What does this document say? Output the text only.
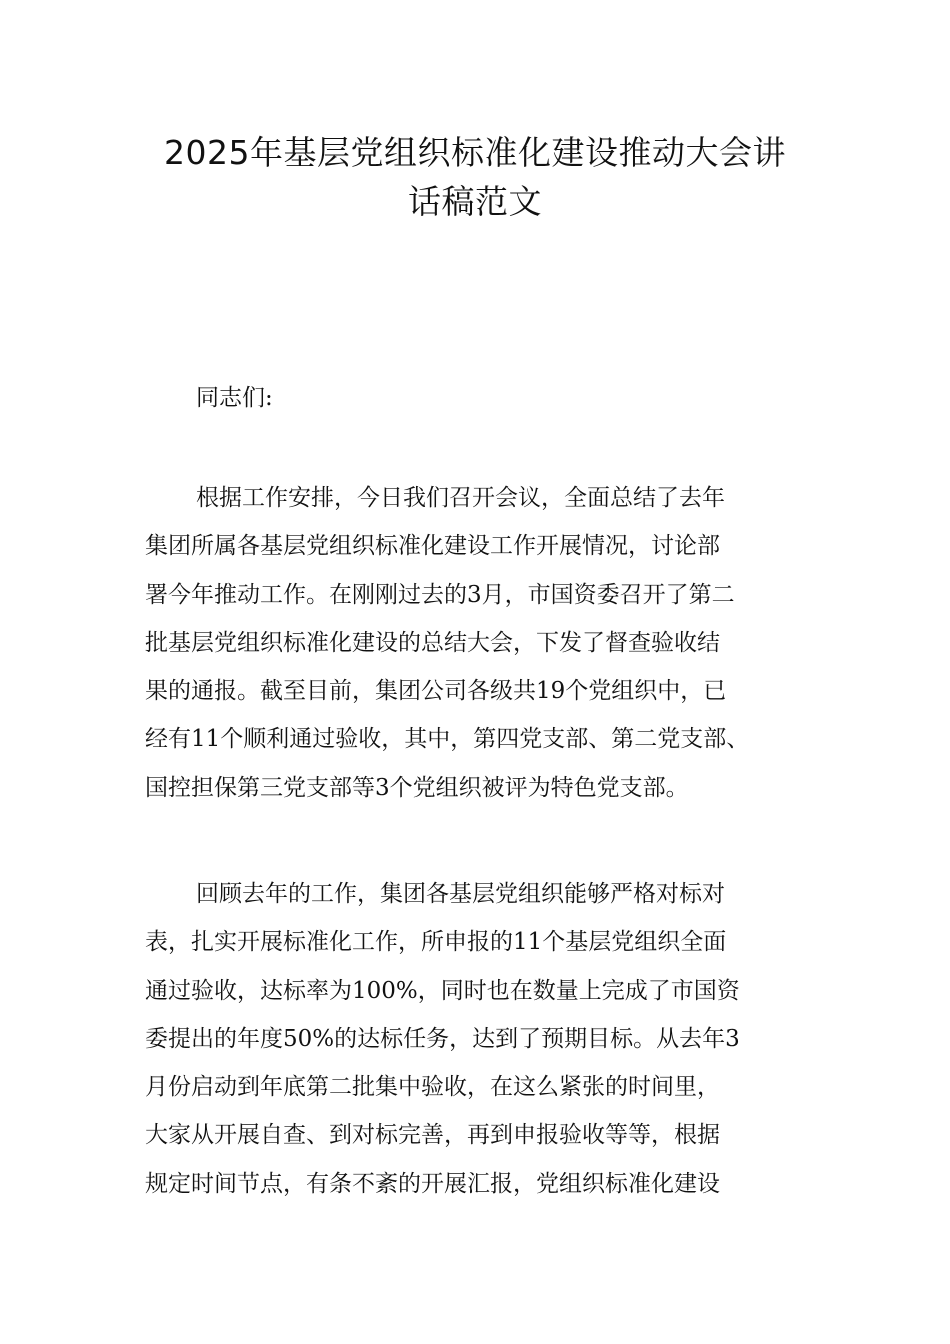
2025年基层党组织标准化建设推动大会讲
话稿范文

同志们:

根据工作安排，今日我们召开会议，全面总结了去年
集团所属各基层党组织标准化建设工作开展情况，讨论部
署今年推动工作。在刚刚过去的3月，市国资委召开了第二
批基层党组织标准化建设的总结大会，下发了督查验收结
果的通报。截至目前，集团公司各级共19个党组织中，已
经有11个顺利通过验收，其中，第四党支部、第二党支部、
国控担保第三党支部等3个党组织被评为特色党支部。
回顾去年的工作，集团各基层党组织能够严格对标对
表，扎实开展标准化工作，所申报的11个基层党组织全面
通过验收，达标率为100%，同时也在数量上完成了市国资
委提出的年度50%的达标任务，达到了预期目标。从去年3
月份启动到年底第二批集中验收，在这么紧张的时间里，
大家从开展自查、到对标完善，再到申报验收等等，根据
规定时间节点，有条不紊的开展汇报，党组织标准化建设
